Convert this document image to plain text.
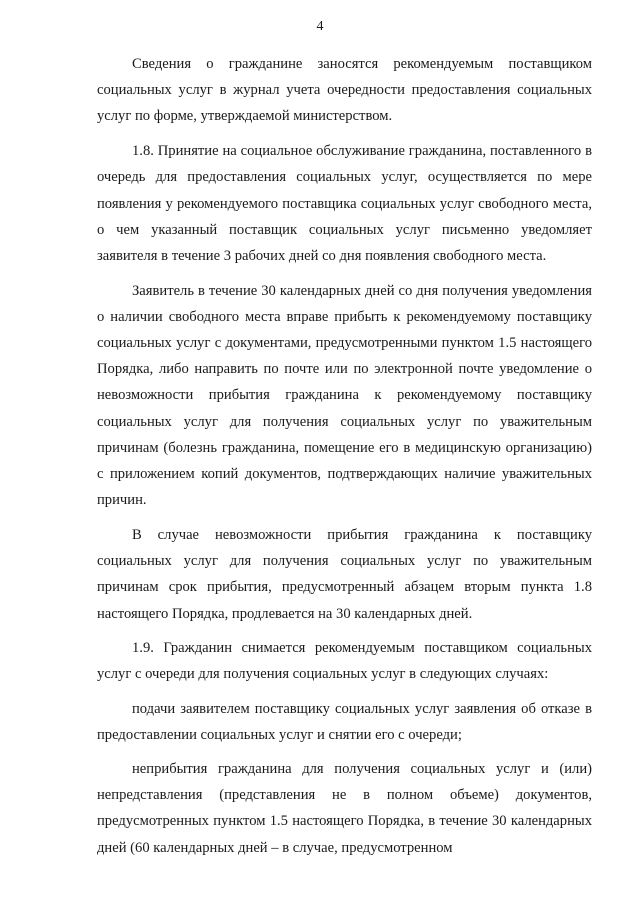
4

Сведения о гражданине заносятся рекомендуемым поставщиком социальных услуг в журнал учета очередности предоставления социальных услуг по форме, утверждаемой министерством.

1.8. Принятие на социальное обслуживание гражданина, поставленного в очередь для предоставления социальных услуг, осуществляется по мере появления у рекомендуемого поставщика социальных услуг свободного места, о чем указанный поставщик социальных услуг письменно уведомляет заявителя в течение 3 рабочих дней со дня появления свободного места.

Заявитель в течение 30 календарных дней со дня получения уведомления о наличии свободного места вправе прибыть к рекомендуемому поставщику социальных услуг с документами, предусмотренными пунктом 1.5 настоящего Порядка, либо направить по почте или по электронной почте уведомление о невозможности прибытия гражданина к рекомендуемому поставщику социальных услуг для получения социальных услуг по уважительным причинам (болезнь гражданина, помещение его в медицинскую организацию) с приложением копий документов, подтверждающих наличие уважительных причин.

В случае невозможности прибытия гражданина к поставщику социальных услуг для получения социальных услуг по уважительным причинам срок прибытия, предусмотренный абзацем вторым пункта 1.8 настоящего Порядка, продлевается на 30 календарных дней.

1.9. Гражданин снимается рекомендуемым поставщиком социальных услуг с очереди для получения социальных услуг в следующих случаях:

подачи заявителем поставщику социальных услуг заявления об отказе в предоставлении социальных услуг и снятии его с очереди;

неприбытия гражданина для получения социальных услуг и (или) непредставления (представления не в полном объеме) документов, предусмотренных пунктом 1.5 настоящего Порядка, в течение 30 календарных дней (60 календарных дней – в случае, предусмотренном
